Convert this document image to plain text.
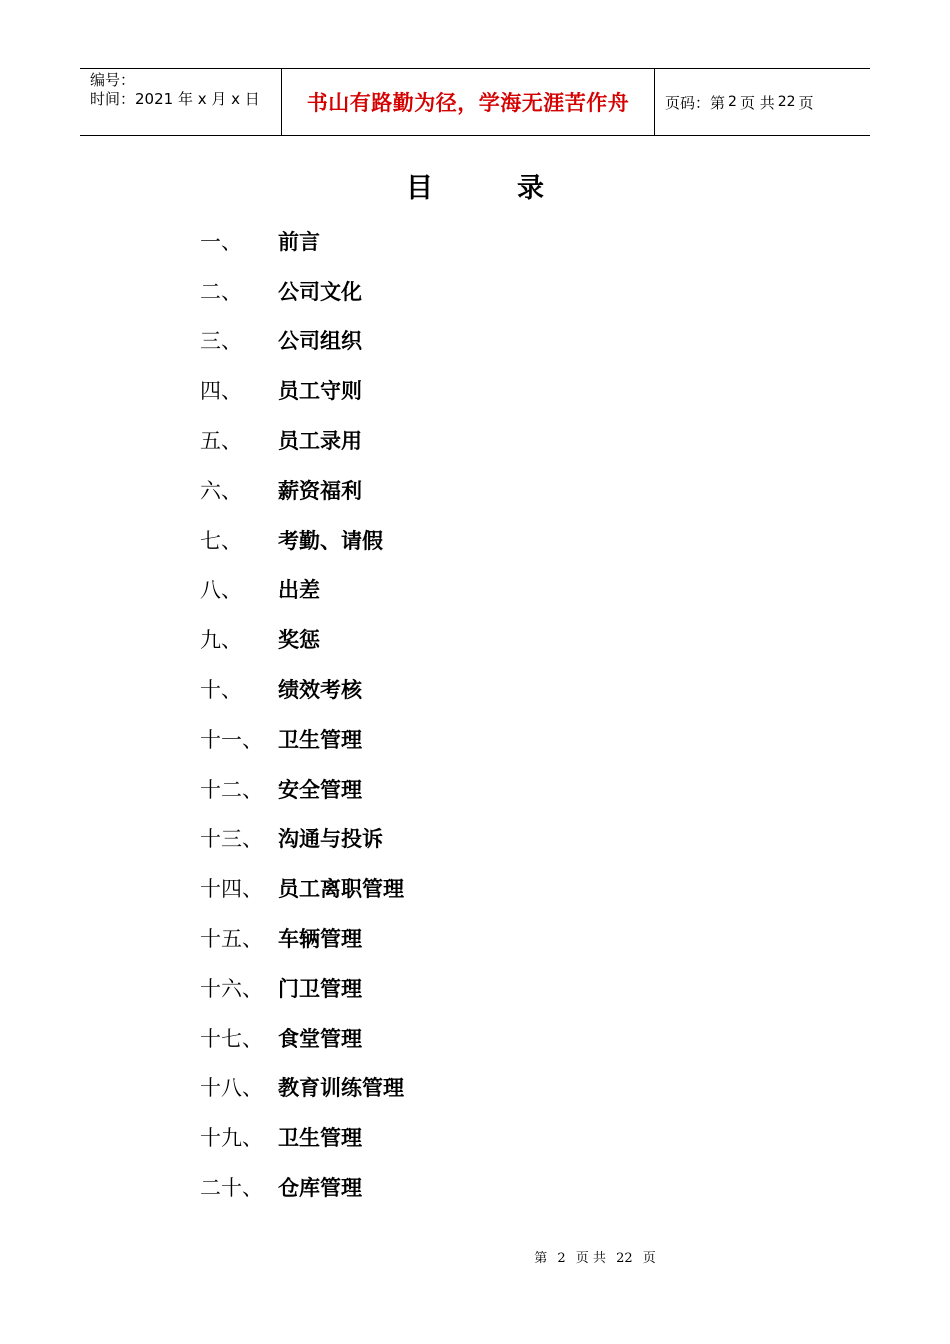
编号：
时间：2021 年 x 月 x 日	书山有路勤为径，学海无涯苦作舟	页码：第 2 页 共 22 页
目	录
一、	前言
二、	公司文化
三、	公司组织
四、	员工守则
五、	员工录用
六、	薪资福利
七、	考勤、请假
八、	出差
九、	奖惩
十、	绩效考核
十一、 卫生管理
十二、 安全管理
十三、 沟通与投诉
十四、 员工离职管理
十五、 车辆管理
十六、 门卫管理
十七、 食堂管理
十八、 教育训练管理
十九、 卫生管理
二十、 仓库管理
第 2 页 共 22 页
